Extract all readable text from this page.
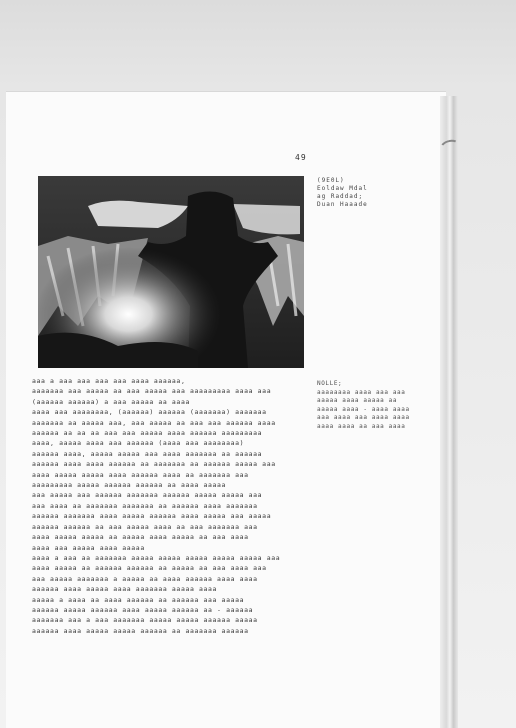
49
(9E0L)
Eoldaw Mdal
ag Raddad;
Duan Haaade
aaa a aaa aaa aaa aaa aaaa aaaaaa,
aaaaaaa aaa aaaaa aa aaa aaaaa aaa aaaaaaaaa aaaa aaa
(aaaaaa aaaaaa) a aaa aaaaa aa aaaa
aaaa aaa aaaaaaaa, (aaaaaa) aaaaaa (aaaaaaa) aaaaaaa
aaaaaaa aa aaaaa aaa, aaa aaaaa aa aaa aaa aaaaaa aaaa
aaaaaa aa aa aa aaa aaa aaaaa aaaa aaaaaa aaaaaaaaa
aaaa, aaaaa aaaa aaa aaaaaa (aaaa aaa aaaaaaaa)
aaaaaa aaaa, aaaaa aaaaa aaa aaaa aaaaaaa aa aaaaaa
aaaaaa aaaa aaaa aaaaaa aa aaaaaaa aa aaaaaa aaaaa aaa
aaaa aaaaa aaaaa aaaa aaaaaa aaaa aa aaaaaaa aaa
aaaaaaaaa aaaaa aaaaaa aaaaaa aa aaaa aaaaa
aaa aaaaa aaa aaaaaa aaaaaaa aaaaaa aaaaa aaaaa aaa
aaa aaaa aa aaaaaaa aaaaaaa aa aaaaaa aaaa aaaaaaa
aaaaaa aaaaaaa aaaa aaaaa aaaaaa aaaa aaaaa aaa aaaaa
aaaaaa aaaaaa aa aaa aaaaa aaaa aa aaa aaaaaaa aaa
aaaa aaaaa aaaaa aa aaaaa aaaa aaaaa aa aaa aaaa
aaaa aaa aaaaa aaaa aaaaa
aaaa a aaa aa aaaaaaa aaaaa aaaaa aaaaa aaaaa aaaaa aaa
aaaa aaaaa aa aaaaaa aaaaaa aa aaaaa aa aaa aaaa aaa
aaa aaaaa aaaaaaa a aaaaa aa aaaa aaaaaa aaaa aaaa
aaaaaa aaaa aaaaa aaaa aaaaaaa aaaaa aaaa
aaaaa a aaaa aa aaaa aaaaaa aa aaaaaa aaa aaaaa
aaaaaa aaaaa aaaaaa aaaa aaaaa aaaaaa aa - aaaaaa
aaaaaaa aaa a aaa aaaaaaa aaaaa aaaaa aaaaaa aaaaa
aaaaaa aaaa aaaaa aaaaa aaaaaa aa aaaaaaa aaaaaa
NOLLE;
aaaaaaaa aaaa aaa aaa
aaaaa aaaa aaaaa aa
aaaaa aaaa - aaaa aaaa
aaa aaaa aaa aaaa aaaa
aaaa aaaa aa aaa aaaa
